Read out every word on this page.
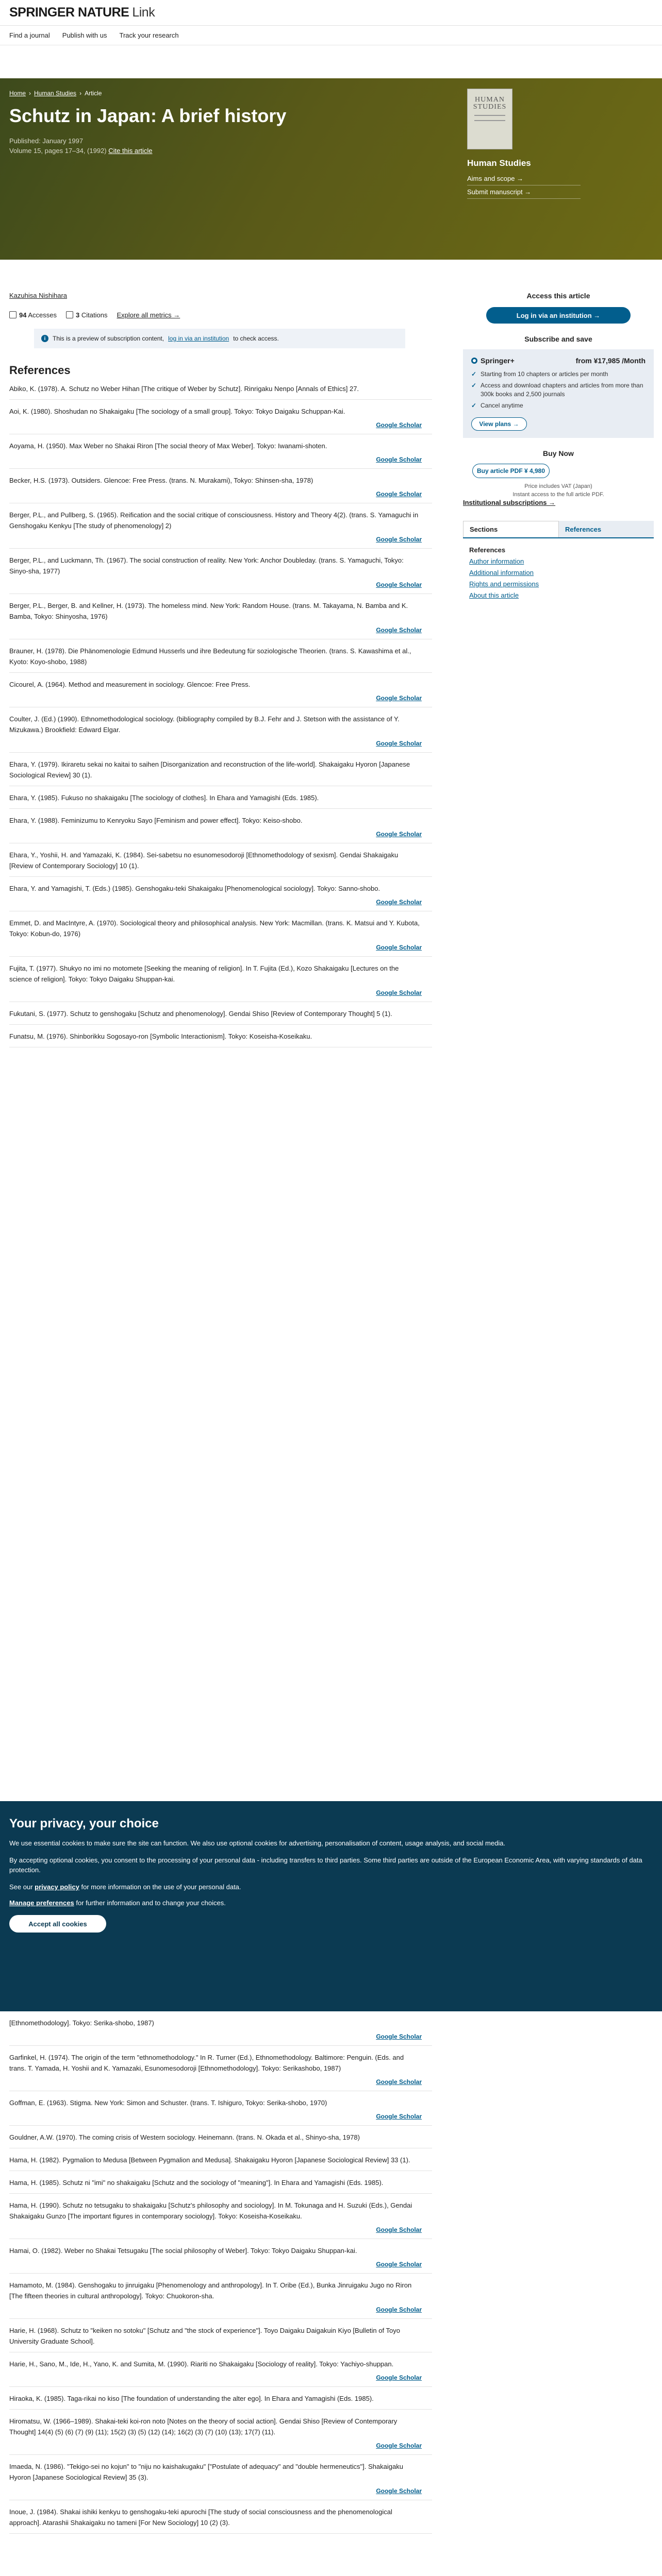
SPRINGER NATURE Link
Find a journal Publish with us Track your research
Home › Human Studies › Article
Schutz in Japan: A brief history
Published: January 1997
Volume 15, pages 17–34, (1992) Cite this article
HUMAN STUDIES
Human Studies
Aims and scope →
Submit manuscript →
Kazuhisa Nishihara
94 Accesses	3 Citations Explore all metrics →
i	This is a preview of subscription content, log in via an institution to check access.
References

Abiko, K. (1978). A. Schutz no Weber Hihan [The critique of Weber by Schutz]. Rinrigaku Nenpo [Annals of Ethics] 27.

Aoi, K. (1980). Shoshudan no Shakaigaku [The sociology of a small group]. Tokyo: Tokyo Daigaku Schuppan-Kai.

Google Scholar

Aoyama, H. (1950). Max Weber no Shakai Riron [The social theory of Max Weber]. Tokyo: Iwanami-shoten.

Google Scholar

Becker, H.S. (1973). Outsiders. Glencoe: Free Press. (trans. N. Murakami), Tokyo: Shinsen-sha, 1978)

Google Scholar

Berger, P.L., and Pullberg, S. (1965). Reification and the social critique of consciousness. History and Theory 4(2). (trans. S. Yamaguchi in Genshogaku Kenkyu [The study of phenomenology] 2)

Google Scholar

Berger, P.L., and Luckmann, Th. (1967). The social construction of reality. New York: Anchor Doubleday. (trans. S. Yamaguchi, Tokyo: Sinyo-sha, 1977)

Google Scholar

Berger, P.L., Berger, B. and Kellner, H. (1973). The homeless mind. New York: Random House. (trans. M. Takayama, N. Bamba and K. Bamba, Tokyo: Shinyosha, 1976)

Google Scholar

Brauner, H. (1978). Die Phänomenologie Edmund Husserls und ihre Bedeutung für soziologische Theorien. (trans. S. Kawashima et al., Kyoto: Koyo-shobo, 1988)

Cicourel, A. (1964). Method and measurement in sociology. Glencoe: Free Press.

Google Scholar

Coulter, J. (Ed.) (1990). Ethnomethodological sociology. (bibliography compiled by B.J. Fehr and J. Stetson with the assistance of Y. Mizukawa.) Brookfield: Edward Elgar.

Google Scholar

Ehara, Y. (1979). Ikiraretu sekai no kaitai to saihen [Disorganization and reconstruction of the life-world]. Shakaigaku Hyoron [Japanese Sociological Review] 30 (1).

Ehara, Y. (1985). Fukuso no shakaigaku [The sociology of clothes]. In Ehara and Yamagishi (Eds. 1985).

Ehara, Y. (1988). Feminizumu to Kenryoku Sayo [Feminism and power effect]. Tokyo: Keiso-shobo.

Google Scholar

Ehara, Y., Yoshii, H. and Yamazaki, K. (1984). Sei-sabetsu no esunomesodoroji [Ethnomethodology of sexism]. Gendai Shakaigaku [Review of Contemporary Sociology] 10 (1).

Ehara, Y. and Yamagishi, T. (Eds.) (1985). Genshogaku-teki Shakaigaku [Phenomenological sociology]. Tokyo: Sanno-shobo.

Google Scholar

Emmet, D. and MacIntyre, A. (1970). Sociological theory and philosophical analysis. New York: Macmillan. (trans. K. Matsui and Y. Kubota, Tokyo: Kobun-do, 1976)

Google Scholar

Fujita, T. (1977). Shukyo no imi no motomete [Seeking the meaning of religion]. In T. Fujita (Ed.), Kozo Shakaigaku [Lectures on the science of religion]. Tokyo: Tokyo Daigaku Shuppan-kai.

Google Scholar

Fukutani, S. (1977). Schutz to genshogaku [Schutz and phenomenology]. Gendai Shiso [Review of Contemporary Thought] 5 (1).

Funatsu, M. (1976). Shinborikku Sogosayo-ron [Symbolic Interactionism]. Tokyo: Koseisha-Koseikaku.

Access this article
Log in via an institution →
Subscribe and save
Springer+	from ¥17,985 /Month
✓ Starting from 10 chapters or articles per month
✓ Access and download chapters and articles from more than 300k books and 2,500 journals
✓ Cancel anytime
View plans →
Buy Now
Buy article PDF ¥ 4,980
Price includes VAT (Japan)
Instant access to the full article PDF.
Institutional subscriptions →
Sections	References
References
Author information
Additional information
Rights and permissions
About this article
Your privacy, your choice

We use essential cookies to make sure the site can function. We also use optional cookies for advertising, personalisation of content, usage analysis, and social media.

By accepting optional cookies, you consent to the processing of your personal data - including transfers to third parties. Some third parties are outside of the European Economic Area, with varying standards of data protection.

See our privacy policy for more information on the use of your personal data.

Manage preferences for further information and to change your choices.
Accept all cookies

[Ethnomethodology]. Tokyo: Serika-shobo, 1987)

Google Scholar

Garfinkel, H. (1974). The origin of the term "ethnomethodology." In R. Turner (Ed.), Ethnomethodology. Baltimore: Penguin. (Eds. and trans. T. Yamada, H. Yoshii and K. Yamazaki, Esunomesodoroji [Ethnomethodology]. Tokyo: Serikashobo, 1987)

Google Scholar

Goffman, E. (1963). Stigma. New York: Simon and Schuster. (trans. T. Ishiguro, Tokyo: Serika-shobo, 1970)

Google Scholar

Gouldner, A.W. (1970). The coming crisis of Western sociology. Heinemann. (trans. N. Okada et al., Shinyo-sha, 1978)

Hama, H. (1982). Pygmalion to Medusa [Between Pygmalion and Medusa]. Shakaigaku Hyoron [Japanese Sociological Review] 33 (1).

Hama, H. (1985). Schutz ni "imi" no shakaigaku [Schutz and the sociology of "meaning"]. In Ehara and Yamagishi (Eds. 1985).

Hama, H. (1990). Schutz no tetsugaku to shakaigaku [Schutz's philosophy and sociology]. In M. Tokunaga and H. Suzuki (Eds.), Gendai Shakaigaku Gunzo [The important figures in contemporary sociology]. Tokyo: Koseisha-Koseikaku.

Google Scholar

Hamai, O. (1982). Weber no Shakai Tetsugaku [The social philosophy of Weber]. Tokyo: Tokyo Daigaku Shuppan-kai.

Google Scholar

Hamamoto, M. (1984). Genshogaku to jinruigaku [Phenomenology and anthropology]. In T. Oribe (Ed.), Bunka Jinruigaku Jugo no Riron [The fifteen theories in cultural anthropology]. Tokyo: Chuokoron-sha.

Google Scholar

Harie, H. (1968). Schutz to "keiken no sotoku" [Schutz and "the stock of experience"]. Toyo Daigaku Daigakuin Kiyo [Bulletin of Toyo University Graduate School].

Harie, H., Sano, M., Ide, H., Yano, K. and Sumita, M. (1990). Riariti no Shakaigaku [Sociology of reality]. Tokyo: Yachiyo-shuppan.

Google Scholar

Hiraoka, K. (1985). Taga-rikai no kiso [The foundation of understanding the alter ego]. In Ehara and Yamagishi (Eds. 1985).

Hiromatsu, W. (1966–1989). Shakai-teki koi-ron noto [Notes on the theory of social action]. Gendai Shiso [Review of Contemporary Thought] 14(4) (5) (6) (7) (9) (11); 15(2) (3) (5) (12) (14); 16(2) (3) (7) (10) (13); 17(7) (11).

Google Scholar

Imaeda, N. (1986). "Tekigo-sei no kojun" to "niju no kaishakugaku" ["Postulate of adequacy" and "double hermeneutics"]. Shakaigaku Hyoron [Japanese Sociological Review] 35 (3).

Google Scholar

Inoue, J. (1984). Shakai ishiki kenkyu to genshogaku-teki apurochi [The study of social consciousness and the phenomenological approach]. Atarashii Shakaigaku no tameni [For New Sociology] 10 (2) (3).
